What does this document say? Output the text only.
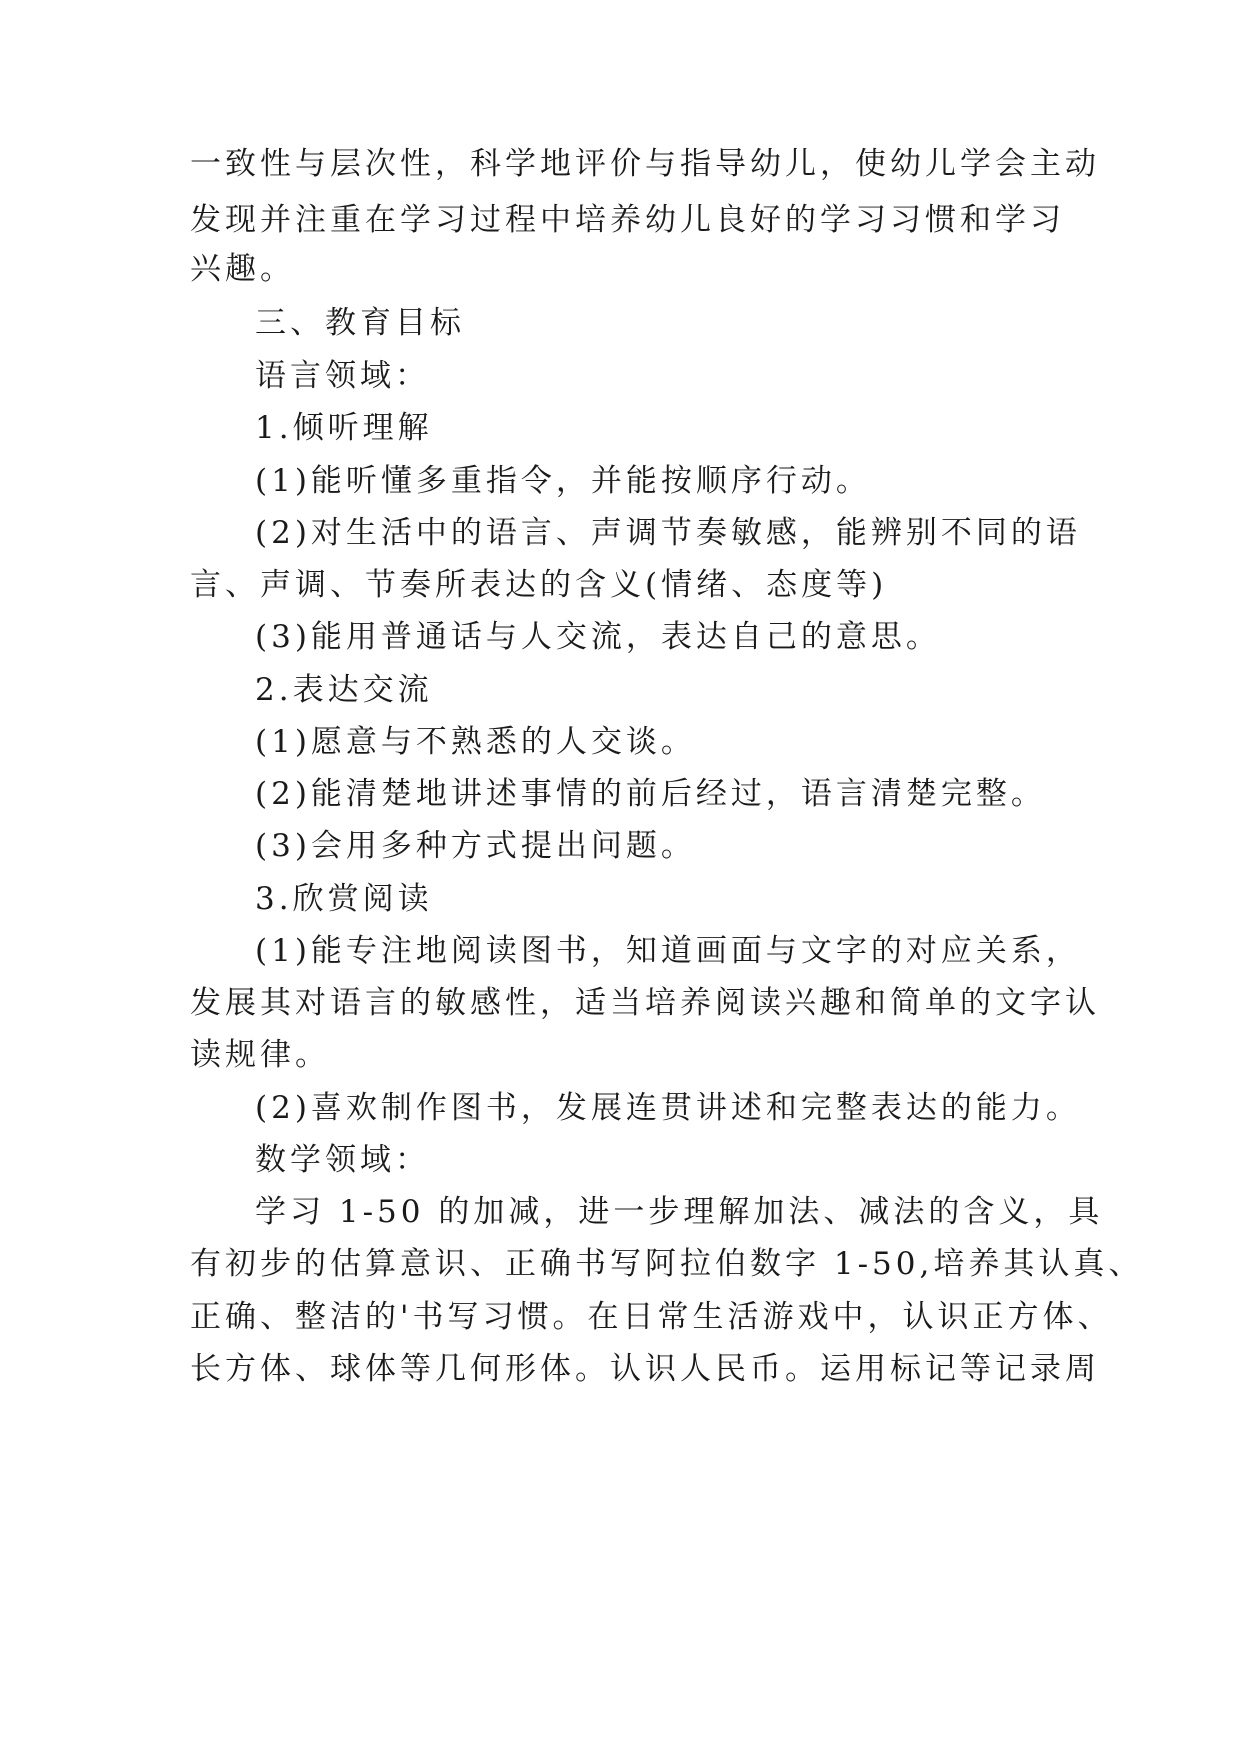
一致性与层次性，科学地评价与指导幼儿，使幼儿学会主动
发现并注重在学习过程中培养幼儿良好的学习习惯和学习
兴趣。
三、教育目标
语言领域：
1.倾听理解
(1)能听懂多重指令，并能按顺序行动。
(2)对生活中的语言、声调节奏敏感，能辨别不同的语
言、声调、节奏所表达的含义(情绪、态度等)
(3)能用普通话与人交流，表达自己的意思。
2.表达交流
(1)愿意与不熟悉的人交谈。
(2)能清楚地讲述事情的前后经过，语言清楚完整。
(3)会用多种方式提出问题。
3.欣赏阅读
(1)能专注地阅读图书，知道画面与文字的对应关系，
发展其对语言的敏感性，适当培养阅读兴趣和简单的文字认
读规律。
(2)喜欢制作图书，发展连贯讲述和完整表达的能力。
数学领域：
学习 1-50 的加减，进一步理解加法、减法的含义，具
有初步的估算意识、正确书写阿拉伯数字 1-50,培养其认真、
正确、整洁的'书写习惯。在日常生活游戏中，认识正方体、
长方体、球体等几何形体。认识人民币。运用标记等记录周
